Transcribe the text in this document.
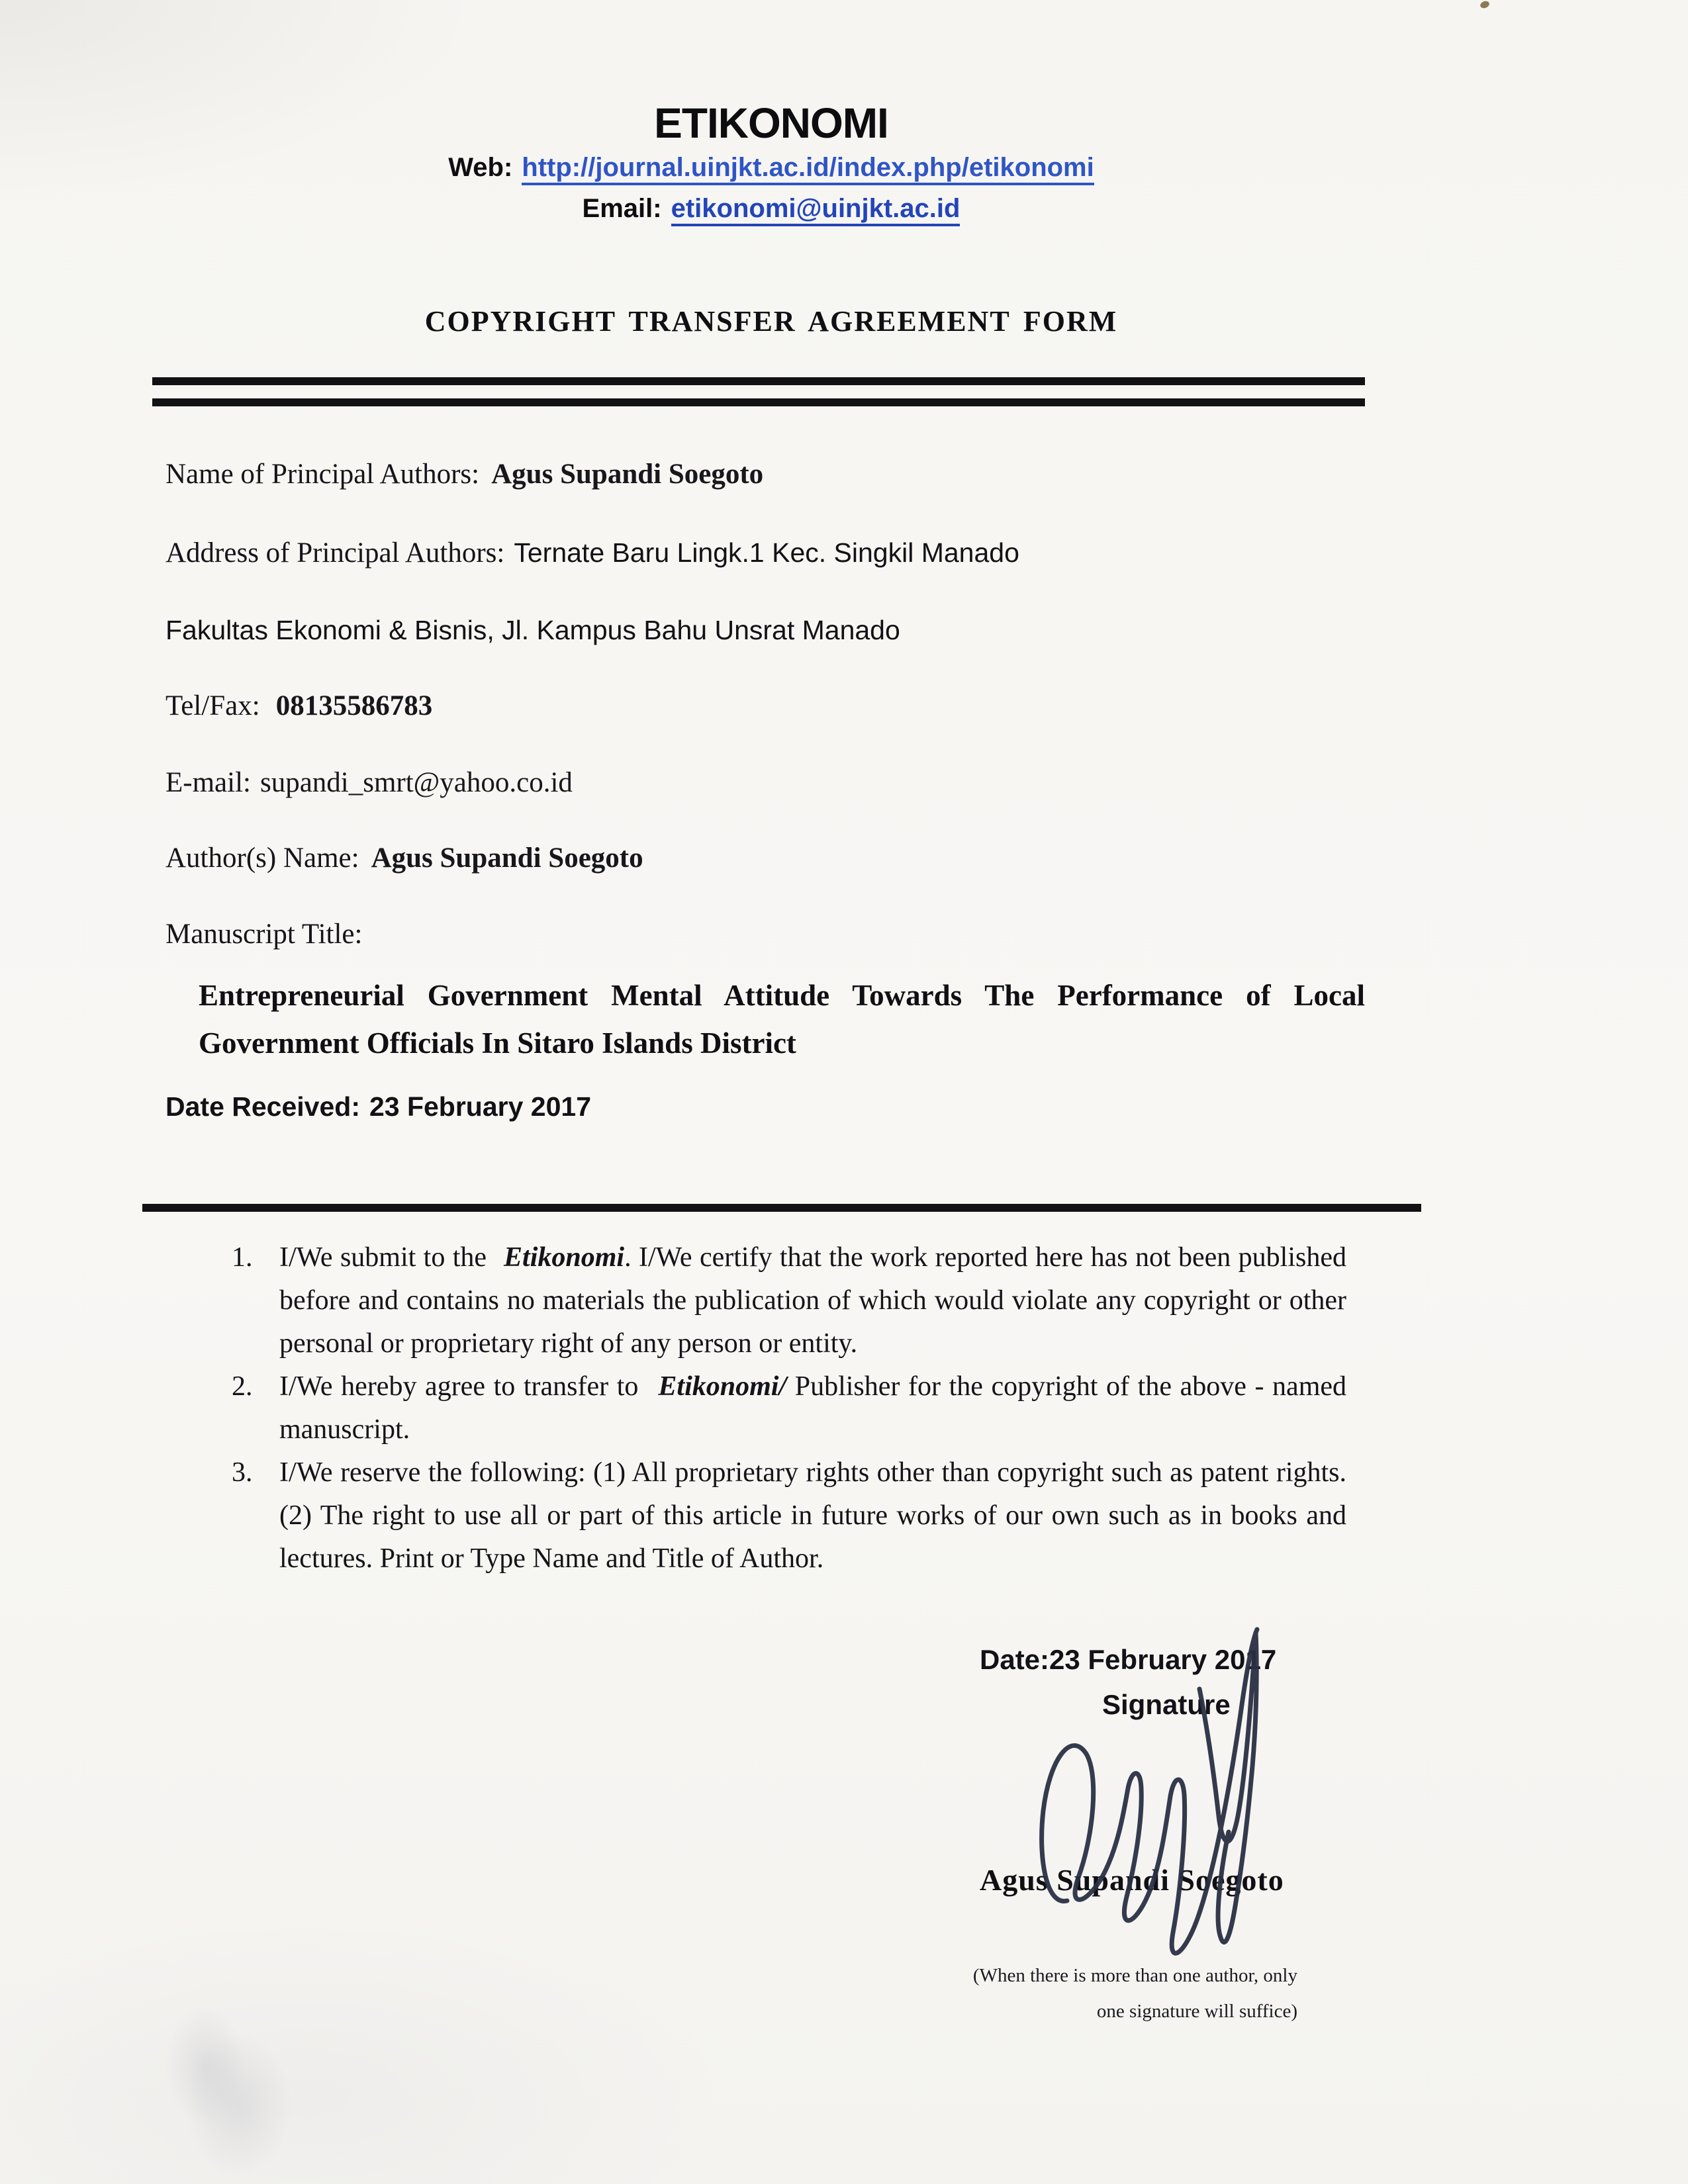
ETIKONOMI
Web: http://journal.uinjkt.ac.id/index.php/etikonomi
Email: etikonomi@uinjkt.ac.id
COPYRIGHT TRANSFER AGREEMENT FORM
Name of Principal Authors: Agus Supandi Soegoto
Address of Principal Authors: Ternate Baru Lingk.1 Kec. Singkil Manado
Fakultas Ekonomi & Bisnis, Jl. Kampus Bahu Unsrat Manado
Tel/Fax: 08135586783
E-mail: supandi_smrt@yahoo.co.id
Author(s) Name: Agus Supandi Soegoto
Manuscript Title:
Entrepreneurial Government Mental Attitude Towards The Performance of Local Government Officials In Sitaro Islands District
Date Received: 23 February 2017
1. I/We submit to the Etikonomi. I/We certify that the work reported here has not been published before and contains no materials the publication of which would violate any copyright or other personal or proprietary right of any person or entity.
2. I/We hereby agree to transfer to Etikonomi/ Publisher for the copyright of the above - named manuscript.
3. I/We reserve the following: (1) All proprietary rights other than copyright such as patent rights. (2) The right to use all or part of this article in future works of our own such as in books and lectures. Print or Type Name and Title of Author.
Date:23 February 2017
Signature
Agus Supandi Soegoto
(When there is more than one author, only
one signature will suffice)
